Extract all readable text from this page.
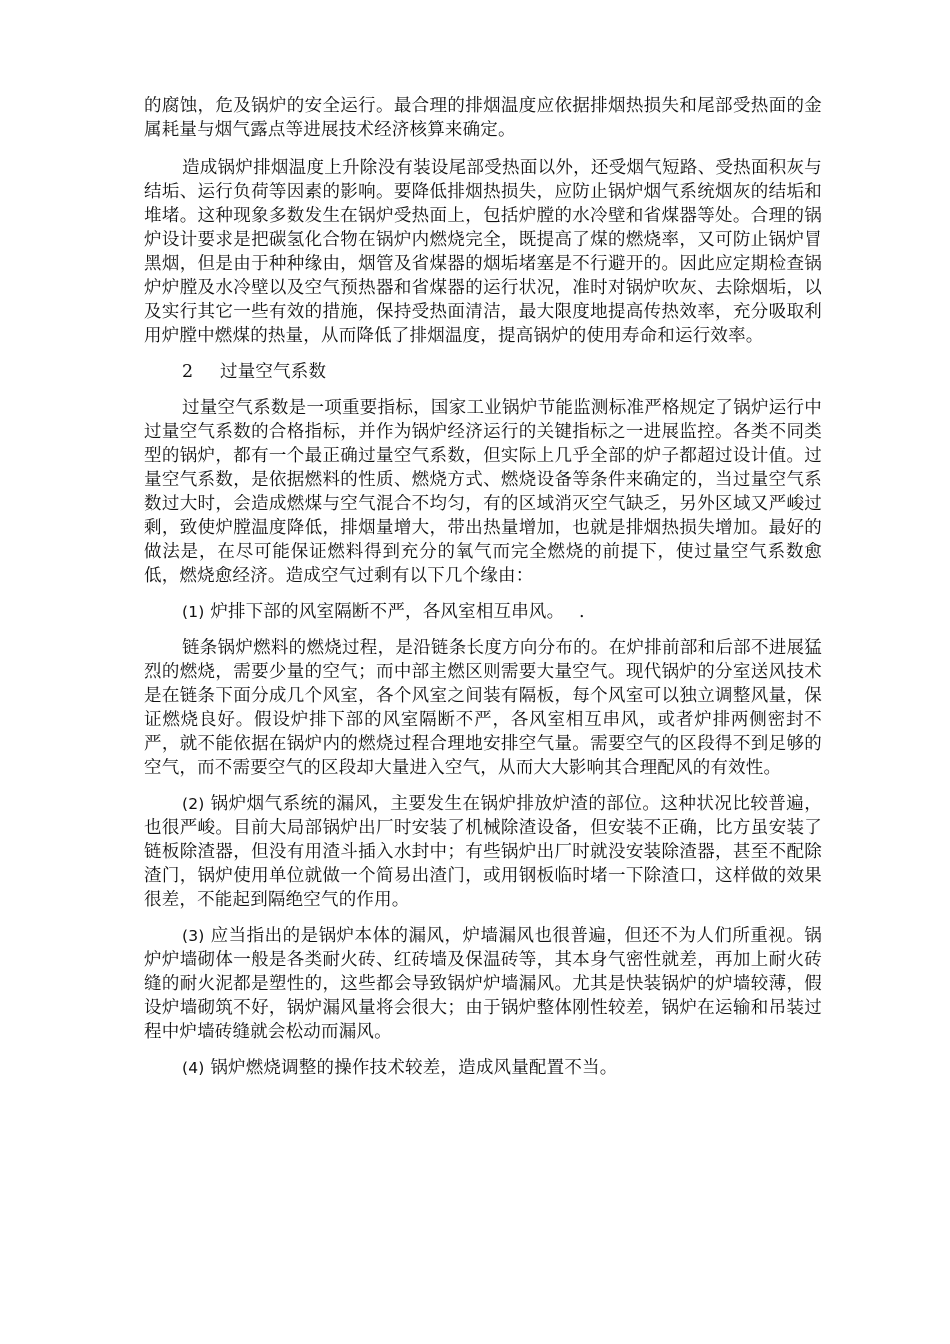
的腐蚀，危及锅炉的安全运行。最合理的排烟温度应依据排烟热损失和尾部受热面的金属耗量与烟气露点等进展技术经济核算来确定。

造成锅炉排烟温度上升除没有装设尾部受热面以外，还受烟气短路、受热面积灰与结垢、运行负荷等因素的影响。要降低排烟热损失，应防止锅炉烟气系统烟灰的结垢和堆堵。这种现象多数发生在锅炉受热面上，包括炉膛的水冷壁和省煤器等处。合理的锅炉设计要求是把碳氢化合物在锅炉内燃烧完全，既提高了煤的燃烧率，又可防止锅炉冒黑烟，但是由于种种缘由，烟管及省煤器的烟垢堵塞是不行避开的。因此应定期检查锅炉炉膛及水冷壁以及空气预热器和省煤器的运行状况，准时对锅炉吹灰、去除烟垢，以及实行其它一些有效的措施，保持受热面清洁，最大限度地提高传热效率，充分吸取利用炉膛中燃煤的热量，从而降低了排烟温度，提高锅炉的使用寿命和运行效率。

2 过量空气系数

过量空气系数是一项重要指标，国家工业锅炉节能监测标准严格规定了锅炉运行中过量空气系数的合格指标，并作为锅炉经济运行的关键指标之一进展监控。各类不同类型的锅炉，都有一个最正确过量空气系数，但实际上几乎全部的炉子都超过设计值。过量空气系数，是依据燃料的性质、燃烧方式、燃烧设备等条件来确定的，当过量空气系数过大时，会造成燃煤与空气混合不均匀，有的区域消灭空气缺乏，另外区域又严峻过剩，致使炉膛温度降低，排烟量增大，带出热量增加，也就是排烟热损失增加。最好的做法是，在尽可能保证燃料得到充分的氧气而完全燃烧的前提下，使过量空气系数愈低，燃烧愈经济。造成空气过剩有以下几个缘由：

(1) 炉排下部的风室隔断不严，各风室相互串风。　 .

链条锅炉燃料的燃烧过程，是沿链条长度方向分布的。在炉排前部和后部不进展猛烈的燃烧，需要少量的空气；而中部主燃区则需要大量空气。现代锅炉的分室送风技术是在链条下面分成几个风室，各个风室之间装有隔板，每个风室可以独立调整风量，保证燃烧良好。假设炉排下部的风室隔断不严，各风室相互串风，或者炉排两侧密封不严，就不能依据在锅炉内的燃烧过程合理地安排空气量。需要空气的区段得不到足够的空气，而不需要空气的区段却大量进入空气，从而大大影响其合理配风的有效性。

(2) 锅炉烟气系统的漏风，主要发生在锅炉排放炉渣的部位。这种状况比较普遍，也很严峻。目前大局部锅炉出厂时安装了机械除渣设备，但安装不正确，比方虽安装了链板除渣器，但没有用渣斗插入水封中；有些锅炉出厂时就没安装除渣器，甚至不配除渣门，锅炉使用单位就做一个简易出渣门，或用钢板临时堵一下除渣口，这样做的效果很差，不能起到隔绝空气的作用。

(3) 应当指出的是锅炉本体的漏风，炉墙漏风也很普遍，但还不为人们所重视。锅炉炉墙砌体一般是各类耐火砖、红砖墙及保温砖等，其本身气密性就差，再加上耐火砖缝的耐火泥都是塑性的，这些都会导致锅炉炉墙漏风。尤其是快装锅炉的炉墙较薄，假设炉墙砌筑不好，锅炉漏风量将会很大；由于锅炉整体刚性较差，锅炉在运输和吊装过程中炉墙砖缝就会松动而漏风。

(4) 锅炉燃烧调整的操作技术较差，造成风量配置不当。
